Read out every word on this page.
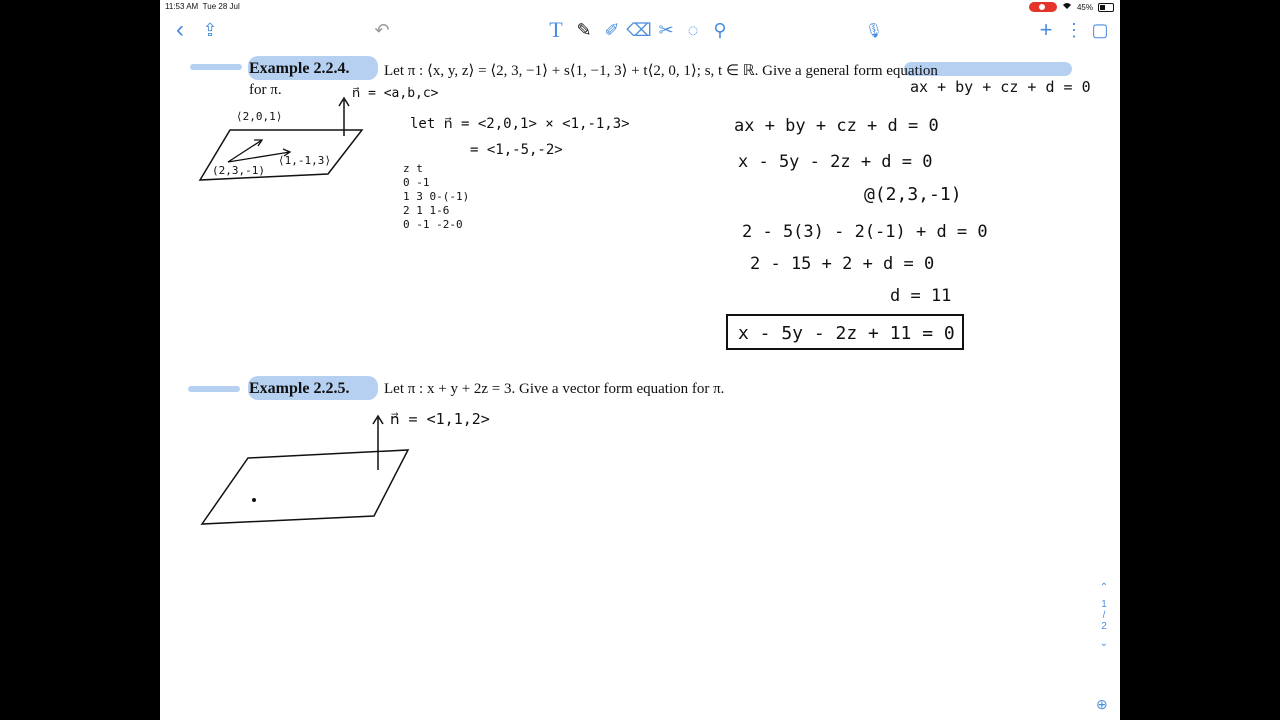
11:53 AM Tue 28 Jul	45%
‹ ⇪	↶	T ✎ ✐ ⌫ ✂ ◌ ⚲	🎙	+ ⋮ ▢
Example 2.2.4. Let π : ⟨x, y, z⟩ = ⟨2, 3, −1⟩ + s⟨1, −1, 3⟩ + t⟨2, 0, 1⟩; s, t ∈ ℝ. Give a general form equation
for π.	ax + by + cz + d = 0
n⃗ = <a,b,c>
⟨2,0,1⟩
(2,3,-1)
⟨1,-1,3⟩
let n⃗ = <2,0,1> × <1,-1,3>
= <1,-5,-2>
z t
0 -1
1 3 0-(-1)
2 1 1-6
0 -1 -2-0
ax + by + cz + d = 0
x - 5y - 2z + d = 0
@(2,3,-1)
2 - 5(3) - 2(-1) + d = 0
2 - 15 + 2 + d = 0
d = 11
x - 5y - 2z + 11 = 0
Example 2.2.5. Let π : x + y + 2z = 3. Give a vector form equation for π.
n⃗ = <1,1,2>
⌃
1
/
2
⌄
⊕
